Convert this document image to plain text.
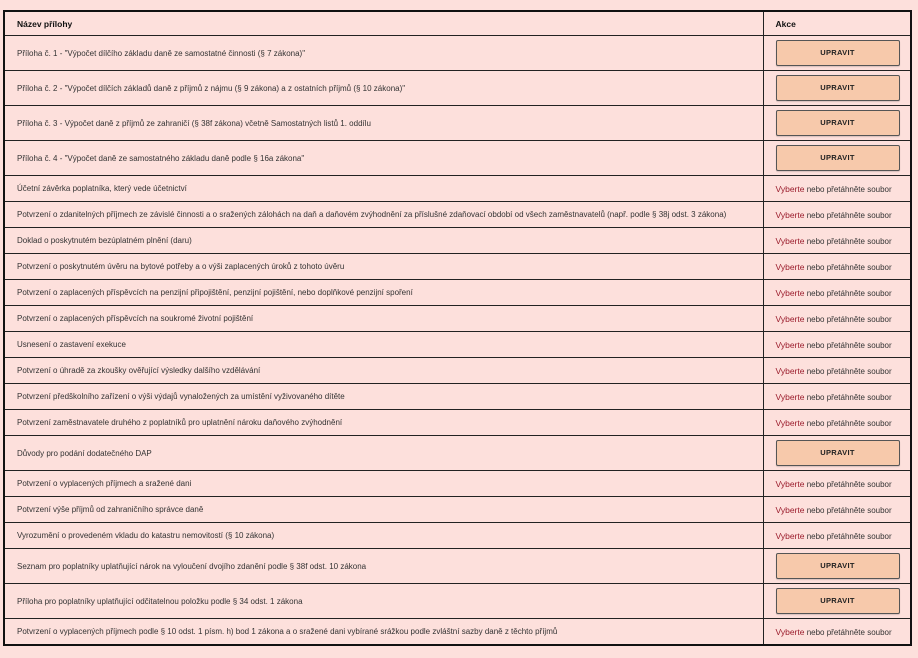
Název přílohy	Akce
Příloha č. 1 - "Výpočet dílčího základu daně ze samostatné činnosti (§ 7 zákona)"	UPRAVIT

Příloha č. 2 - "Výpočet dílčích základů daně z příjmů z nájmu (§ 9 zákona) a z ostatních příjmů (§ 10 zákona)"	UPRAVIT

Příloha č. 3 - Výpočet daně z příjmů ze zahraničí (§ 38f zákona) včetně Samostatných listů 1. oddílu	UPRAVIT

Příloha č. 4 - "Výpočet daně ze samostatného základu daně podle § 16a zákona"	UPRAVIT

Účetní závěrka poplatníka, který vede účetnictví	Vyberte nebo přetáhněte soubor
Potvrzení o zdanitelných příjmech ze závislé činnosti a o sražených zálohách na daň a daňovém zvýhodnění za příslušné zdaňovací období od všech zaměstnavatelů (např. podle § 38j odst. 3 zákona)	Vyberte nebo přetáhněte soubor
Doklad o poskytnutém bezúplatném plnění (daru)	Vyberte nebo přetáhněte soubor
Potvrzení o poskytnutém úvěru na bytové potřeby a o výši zaplacených úroků z tohoto úvěru	Vyberte nebo přetáhněte soubor
Potvrzení o zaplacených příspěvcích na penzijní připojištění, penzijní pojištění, nebo doplňkové penzijní spoření	Vyberte nebo přetáhněte soubor
Potvrzení o zaplacených příspěvcích na soukromé životní pojištění	Vyberte nebo přetáhněte soubor
Usnesení o zastavení exekuce	Vyberte nebo přetáhněte soubor
Potvrzení o úhradě za zkoušky ověřující výsledky dalšího vzdělávání	Vyberte nebo přetáhněte soubor
Potvrzení předškolního zařízení o výši výdajů vynaložených za umístění vyživovaného dítěte	Vyberte nebo přetáhněte soubor
Potvrzení zaměstnavatele druhého z poplatníků pro uplatnění nároku daňového zvýhodnění	Vyberte nebo přetáhněte soubor
Důvody pro podání dodatečného DAP	UPRAVIT

Potvrzení o vyplacených příjmech a sražené dani	Vyberte nebo přetáhněte soubor
Potvrzení výše příjmů od zahraničního správce daně	Vyberte nebo přetáhněte soubor
Vyrozumění o provedeném vkladu do katastru nemovitostí (§ 10 zákona)	Vyberte nebo přetáhněte soubor
Seznam pro poplatníky uplatňující nárok na vyloučení dvojího zdanění podle § 38f odst. 10 zákona	UPRAVIT

Příloha pro poplatníky uplatňující odčitatelnou položku podle § 34 odst. 1 zákona	UPRAVIT

Potvrzení o vyplacených příjmech podle § 10 odst. 1 písm. h) bod 1 zákona a o sražené dani vybírané srážkou podle zvláštní sazby daně z těchto příjmů	Vyberte nebo přetáhněte soubor
